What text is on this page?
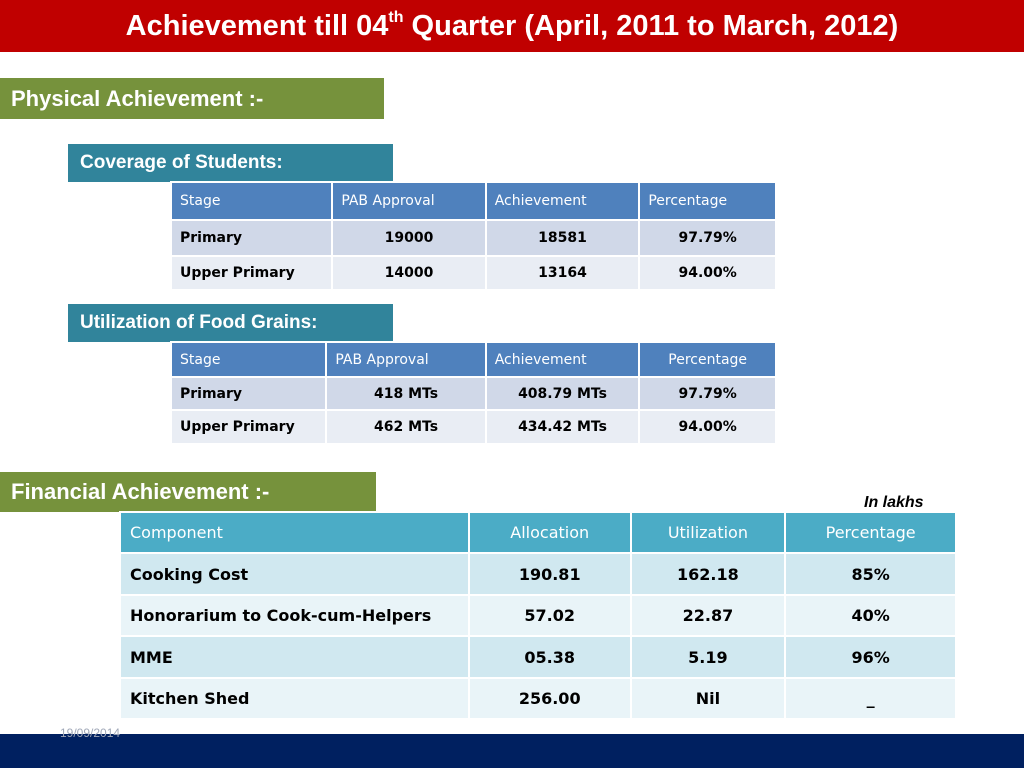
Achievement till 04th Quarter (April, 2011 to March, 2012)
Physical Achievement :-
Coverage of Students:
Stage	PAB Approval	Achievement	Percentage
Primary	19000	18581	97.79%
Upper Primary	14000	13164	94.00%
Utilization of Food Grains:
Stage	PAB Approval	Achievement	Percentage
Primary	418 MTs	408.79 MTs	97.79%
Upper Primary	462 MTs	434.42 MTs	94.00%
Financial Achievement :-	In lakhs
Component	Allocation	Utilization	Percentage
Cooking Cost	190.81	162.18	85%
Honorarium to Cook-cum-Helpers	57.02	22.87	40%
MME	05.38	5.19	96%
Kitchen Shed	256.00	Nil	_
19/09/2014
